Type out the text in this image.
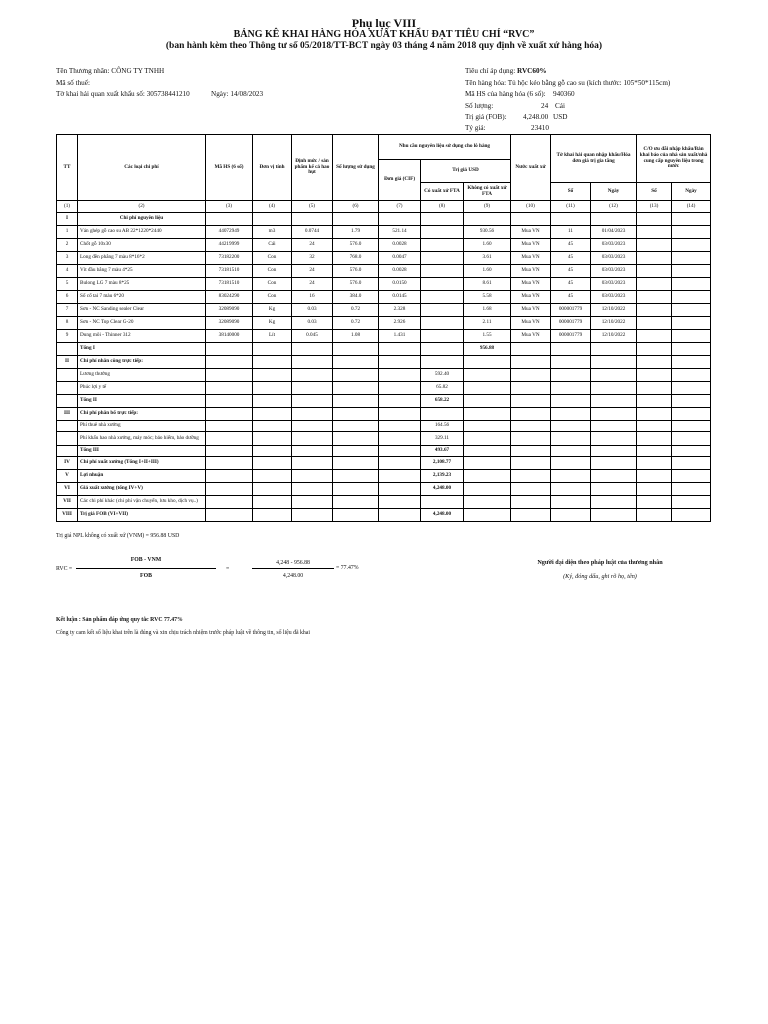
Phụ lục VIII
BẢNG KÊ KHAI HÀNG HÓA XUẤT KHẨU ĐẠT TIÊU CHÍ “RVC”
(ban hành kèm theo Thông tư số 05/2018/TT-BCT ngày 03 tháng 4 năm 2018 quy định về xuất xứ hàng hóa)
Tên Thương nhân: CÔNG TY TNHH
Mã số thuế:
Tờ khai hải quan xuất khẩu số: 305738441210	Ngày: 14/08/2023
Tiêu chí áp dụng: RVC60%
Tên hàng hóa: Tủ hộc kéo bằng gỗ cao su (kích thước: 105*50*115cm)
Mã HS của hàng hóa (6 số): 940360
Số lượng:	24 Cái
Trị giá (FOB): 4,248.00 USD
Tỷ giá:	23410
TT	Các loại chi phí	Mã HS (6 số)	Đơn vị tính	Định mức / sản phẩm kể cả hao hụt	Số lượng sử dụng	Nhu cầu nguyên liệu sử dụng cho lô hàng			Nước xuất xứ	Tờ khai hải quan nhập khẩu/Hóa đơn giá trị gia tăng		C/O ưu đãi nhập khẩu/Bản khai báo của nhà sản xuất/nhà cung cấp nguyên liệu trong nước	
						Đơn giá (CIF)	Trị giá USD						
							Có xuất xứ FTA	Không có xuất xứ FTA		Số	Ngày	Số	Ngày
(1)	(2)	(3)	(4)	(5)	(6)	(7)	(8)	(9)	(10)	(11)	(12)	(13)	(14)
I	Chi phí nguyên liệu												
1	Ván ghép gỗ cao su AB 22*1220*2440	44072949	m3	0.0744	1.79	521.14		930.56	Mua VN	11	01/04/2023		
2	Chốt gỗ 10x30	44219999	Cái	24	576.0	0.0028		1.60	Mua VN	45	03/03/2023		
3	Long đền phẳng 7 màu 8*16*2	73182200	Con	32	768.0	0.0047		3.61	Mua VN	45	03/03/2023		
4	Vít đầu bằng 7 màu 4*25	73181510	Con	24	576.0	0.0028		1.60	Mua VN	45	03/03/2023		
5	Bulong LG 7 màu 8*25	73181510	Con	24	576.0	0.0150		8.61	Mua VN	45	03/03/2023		
6	Số cổ tai 7 màu 6*20	83024290	Con	16	384.0	0.0145		5.58	Mua VN	45	03/03/2023		
7	Sơn - NC Sanding sealer Clear	32089090	Kg	0.03	0.72	2.328		1.68	Mua VN	000001779	12/10/2022		
8	Sơn - NC Top Clear G-20	32089090	Kg	0.03	0.72	2.926		2.11	Mua VN	000001779	12/10/2022		
9	Dung môi - Thinner 312	38140000	Lít	0.045	1.08	1.431		1.55	Mua VN	000001779	12/10/2022		
	Tổng I							956.88					
II	Chi phí nhân công trực tiếp:												
	Lương thưởng						592.40						
	Phúc lợi y tế						65.82						
	Tổng II						658.22						
III	Chi phí phân bổ trực tiếp:												
	Phí thuê nhà xưởng						164.56						
	Phí khấu hao nhà xưởng, máy móc; bảo hiểm, bảo dưỡng						329.11						
	Tổng III						493.67						
IV	Chi phí xuất xưởng (Tổng I+II+III)						2,108.77						
V	Lợi nhuận						2,139.23						
VI	Giá xuất xưởng (tổng IV+V)						4,248.00						
VII	Các chi phí khác (chi phí vận chuyển, lưu kho, dịch vụ..)												
VIII	Trị giá FOB (VI+VII)						4,248.00						
Trị giá NPL không có xuất xứ (VNM) = 956.88 USD
RVC =
FOB - VNM
FOB
=
4,248 - 956.88
4,248.00
= 77.47%
Người đại diện theo pháp luật của thương nhân
(Ký, đóng dấu, ghi rõ họ, tên)
Kết luận : Sản phẩm đáp ứng quy tắc RVC 77.47%
Công ty cam kết số liệu khai trên là đúng và xin chịu trách nhiệm trước pháp luật về thông tin, số liệu đã khai
